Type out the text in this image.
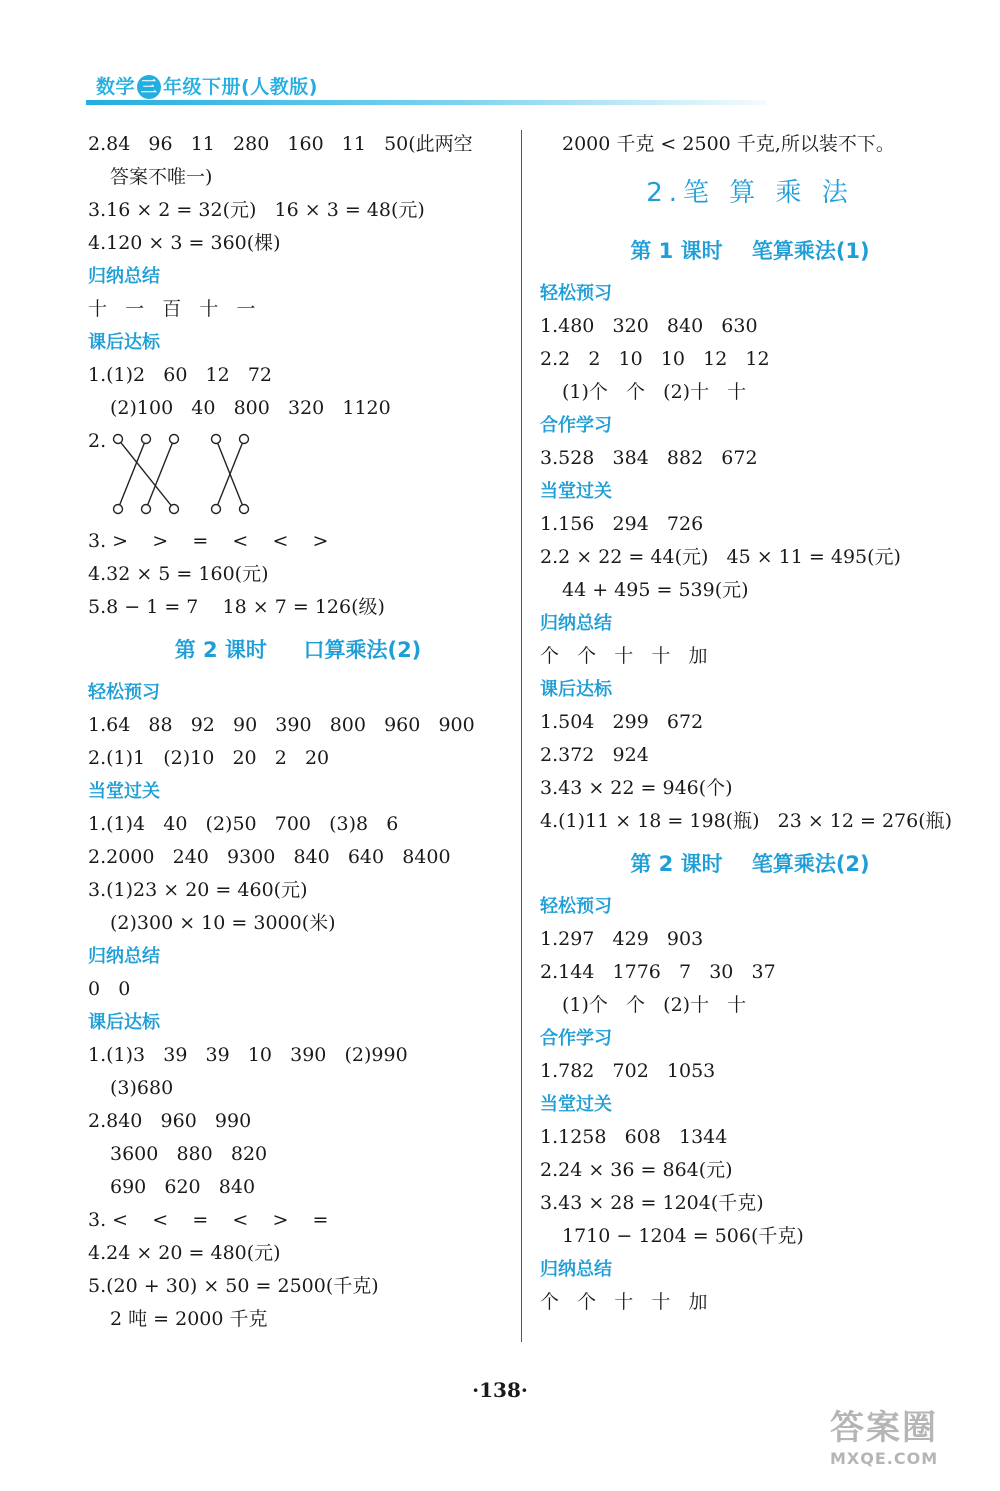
数学 三 年级下册(人教版)
2.84   96   11   280   160   11   50(此两空
答案不唯一)
3.16 × 2 = 32(元)   16 × 3 = 48(元)
4.120 × 3 = 360(棵)
归纳总结
十   一   百   十   一
课后达标
1.(1)2   60   12   72
(2)100   40   800   320   1120
2.
3. >    >    =    <    <    >
4.32 × 5 = 160(元)
5.8 − 1 = 7    18 × 7 = 126(级)
第 2 课时     口算乘法(2)
轻松预习
1.64   88   92   90   390   800   960   900
2.(1)1   (2)10   20   2   20
当堂过关
1.(1)4   40   (2)50   700   (3)8   6
2.2000   240   9300   840   640   8400
3.(1)23 × 20 = 460(元)
(2)300 × 10 = 3000(米)
归纳总结
0   0
课后达标
1.(1)3   39   39   10   390   (2)990
(3)680
2.840   960   990
3600   880   820
690   620   840
3. <    <    =    <    >    =
4.24 × 20 = 480(元)
5.(20 + 30) × 50 = 2500(千克)
2 吨 = 2000 千克
2000 千克 < 2500 千克,所以装不下。
2.笔 算 乘 法
第 1 课时    笔算乘法(1)
轻松预习
1.480   320   840   630
2.2   2   10   10   12   12
(1)个   个   (2)十   十
合作学习
3.528   384   882   672
当堂过关
1.156   294   726
2.2 × 22 = 44(元)   45 × 11 = 495(元)
44 + 495 = 539(元)
归纳总结
个   个   十   十   加
课后达标
1.504   299   672
2.372   924
3.43 × 22 = 946(个)
4.(1)11 × 18 = 198(瓶)   23 × 12 = 276(瓶)
第 2 课时    笔算乘法(2)
轻松预习
1.297   429   903
2.144   1776   7   30   37
(1)个   个   (2)十   十
合作学习
1.782   702   1053
当堂过关
1.1258   608   1344
2.24 × 36 = 864(元)
3.43 × 28 = 1204(千克)
1710 − 1204 = 506(千克)
归纳总结
个   个   十   十   加
·138·
答案圈
MXQE.COM
